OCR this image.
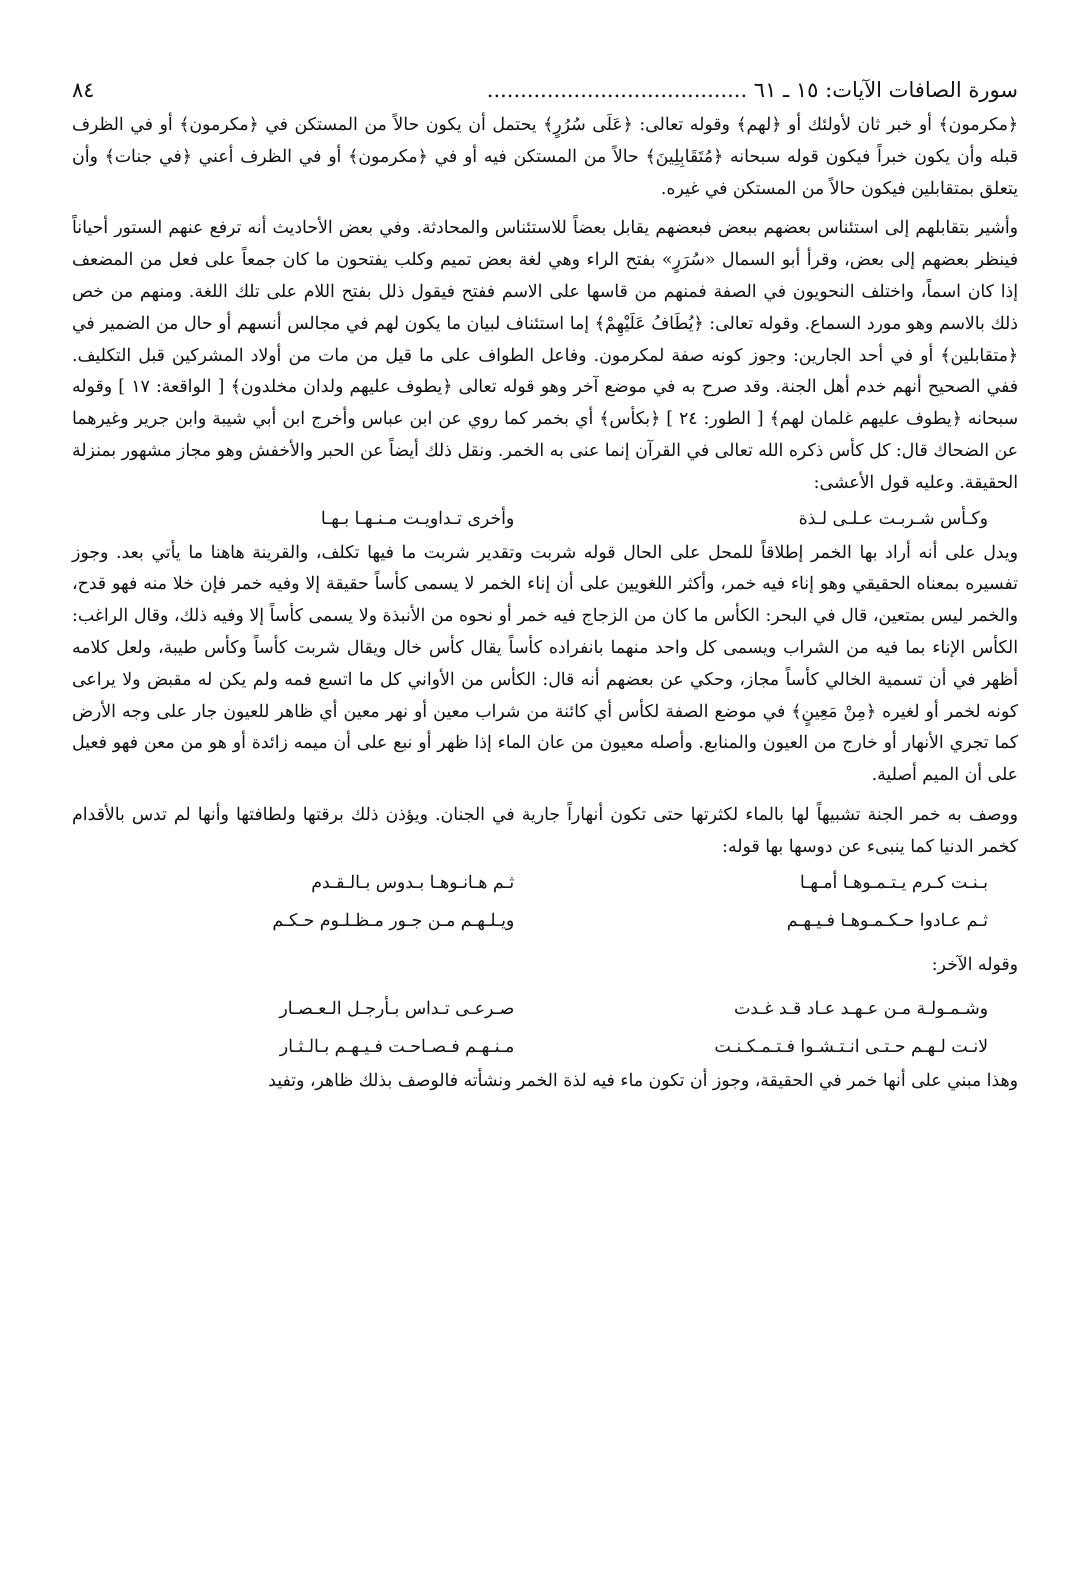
سورة الصافات الآيات: ١٥ ـ ٦١ .....
٨٤

﴿مكرمون﴾ أو خبر ثان لأولئك أو ﴿لهم﴾ وقوله تعالى: ﴿عَلَى سُرُرٍ﴾ يحتمل أن يكون حالاً من المستكن في ﴿مكرمون﴾ أو في الظرف قبله وأن يكون خبراً فيكون قوله سبحانه ﴿مُتَقَابِلِينَ﴾ حالاً من المستكن فيه أو في ﴿مكرمون﴾ أو في الظرف أعني ﴿في جنات﴾ وأن يتعلق بمتقابلين فيكون حالاً من المستكن في غيره.

وأشير بتقابلهم إلى استئناس بعضهم ببعض فبعضهم يقابل بعضاً للاستئناس والمحادثة. وفي بعض الأحاديث أنه ترفع عنهم الستور أحياناً فينظر بعضهم إلى بعض، وقرأ أبو السمال «سُرَرٍ» بفتح الراء وهي لغة بعض تميم وكلب يفتحون ما كان جمعاً على فعل من المضعف إذا كان اسماً، واختلف النحويون في الصفة فمنهم من قاسها على الاسم ففتح فيقول ذلل بفتح اللام على تلك اللغة. ومنهم من خص ذلك بالاسم وهو مورد السماع. وقوله تعالى: ﴿يُطَافُ عَلَيْهِمْ﴾ إما استئناف لبيان ما يكون لهم في مجالس أنسهم أو حال من الضمير في ﴿متقابلين﴾ أو في أحد الجارين: وجوز كونه صفة لمكرمون. وفاعل الطواف على ما قيل من مات من أولاد المشركين قبل التكليف. ففي الصحيح أنهم خدم أهل الجنة. وقد صرح به في موضع آخر وهو قوله تعالى ﴿يطوف عليهم ولدان مخلدون﴾ [ الواقعة: ١٧ ] وقوله سبحانه ﴿يطوف عليهم غلمان لهم﴾ [ الطور: ٢٤ ] ﴿بكأس﴾ أي بخمر كما روي عن ابن عباس وأخرج ابن أبي شيبة وابن جرير وغيرهما عن الضحاك قال: كل كأس ذكره الله تعالى في القرآن إنما عنى به الخمر. ونقل ذلك أيضاً عن الحبر والأخفش وهو مجاز مشهور بمنزلة الحقيقة. وعليه قول الأعشى:

وكـأس شـربـت عـلـى لـذة
وأخرى تـداويـت مـنـهـا بـهـا

ويدل على أنه أراد بها الخمر إطلاقاً للمحل على الحال قوله شربت وتقدير شربت ما فيها تكلف، والقرينة هاهنا ما يأتي بعد. وجوز تفسيره بمعناه الحقيقي وهو إناء فيه خمر، وأكثر اللغويين على أن إناء الخمر لا يسمى كأساً حقيقة إلا وفيه خمر فإن خلا منه فهو قدح، والخمر ليس بمتعين، قال في البحر: الكأس ما كان من الزجاج فيه خمر أو نحوه من الأنبذة ولا يسمى كأساً إلا وفيه ذلك، وقال الراغب: الكأس الإناء بما فيه من الشراب ويسمى كل واحد منهما بانفراده كأساً يقال كأس خال ويقال شربت كأساً وكأس طيبة، ولعل كلامه أظهر في أن تسمية الخالي كأساً مجاز، وحكي عن بعضهم أنه قال: الكأس من الأواني كل ما اتسع فمه ولم يكن له مقبض ولا يراعى كونه لخمر أو لغيره ﴿مِنْ مَعِينٍ﴾ في موضع الصفة لكأس أي كائنة من شراب معين أو نهر معين أي ظاهر للعيون جار على وجه الأرض كما تجري الأنهار أو خارج من العيون والمنابع. وأصله معيون من عان الماء إذا ظهر أو نبع على أن ميمه زائدة أو هو من معن فهو فعيل على أن الميم أصلية.

ووصف به خمر الجنة تشبيهاً لها بالماء لكثرتها حتى تكون أنهاراً جارية في الجنان. ويؤذن ذلك برقتها ولطافتها وأنها لم تدس بالأقدام كخمر الدنيا كما ينبىء عن دوسها بها قوله:

بـنـت كـرم يـتـمـوهـا أمـهـا
ثـم هـانـوهـا بـدوس بـالـقـدم
ثـم عـادوا حـكـمـوهـا فـيـهـم
ويـلـهـم مـن جـور مـظـلـوم حـكـم
وقوله الآخر:
وشـمـولـة مـن عـهـد عـاد قـد غـدت
صـرعـى تـداس بـأرجـل الـعـصـار
لانـت لـهـم حـتـى انـتـشـوا فـتـمـكـنـت
مـنـهـم فـصـاحـت فـيـهـم بـالـثـار

وهذا مبني على أنها خمر في الحقيقة، وجوز أن تكون ماء فيه لذة الخمر ونشأته فالوصف بذلك ظاهر، وتفيد
